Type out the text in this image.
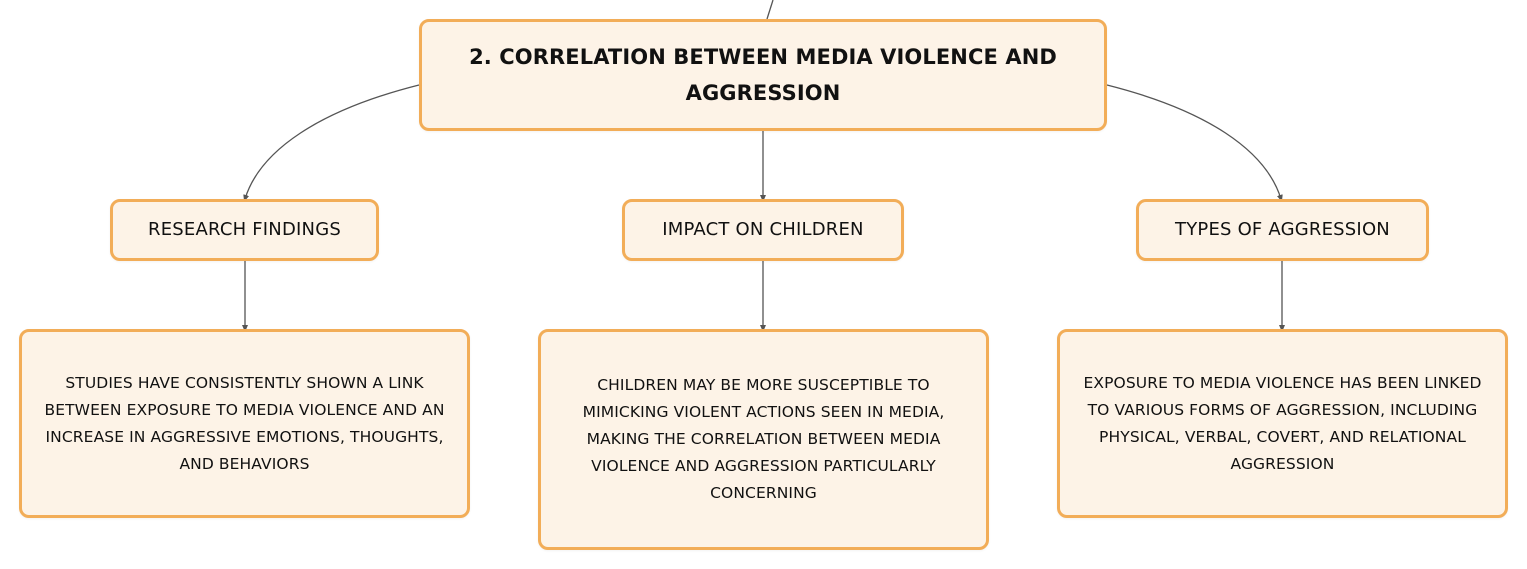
2. CORRELATION BETWEEN MEDIA VIOLENCE AND AGGRESSION
RESEARCH FINDINGS	IMPACT ON CHILDREN	TYPES OF AGGRESSION
STUDIES HAVE CONSISTENTLY SHOWN A LINK BETWEEN EXPOSURE TO MEDIA VIOLENCE AND AN INCREASE IN AGGRESSIVE EMOTIONS, THOUGHTS, AND BEHAVIORS
CHILDREN MAY BE MORE SUSCEPTIBLE TO MIMICKING VIOLENT ACTIONS SEEN IN MEDIA, MAKING THE CORRELATION BETWEEN MEDIA VIOLENCE AND AGGRESSION PARTICULARLY CONCERNING
EXPOSURE TO MEDIA VIOLENCE HAS BEEN LINKED TO VARIOUS FORMS OF AGGRESSION, INCLUDING PHYSICAL, VERBAL, COVERT, AND RELATIONAL AGGRESSION
